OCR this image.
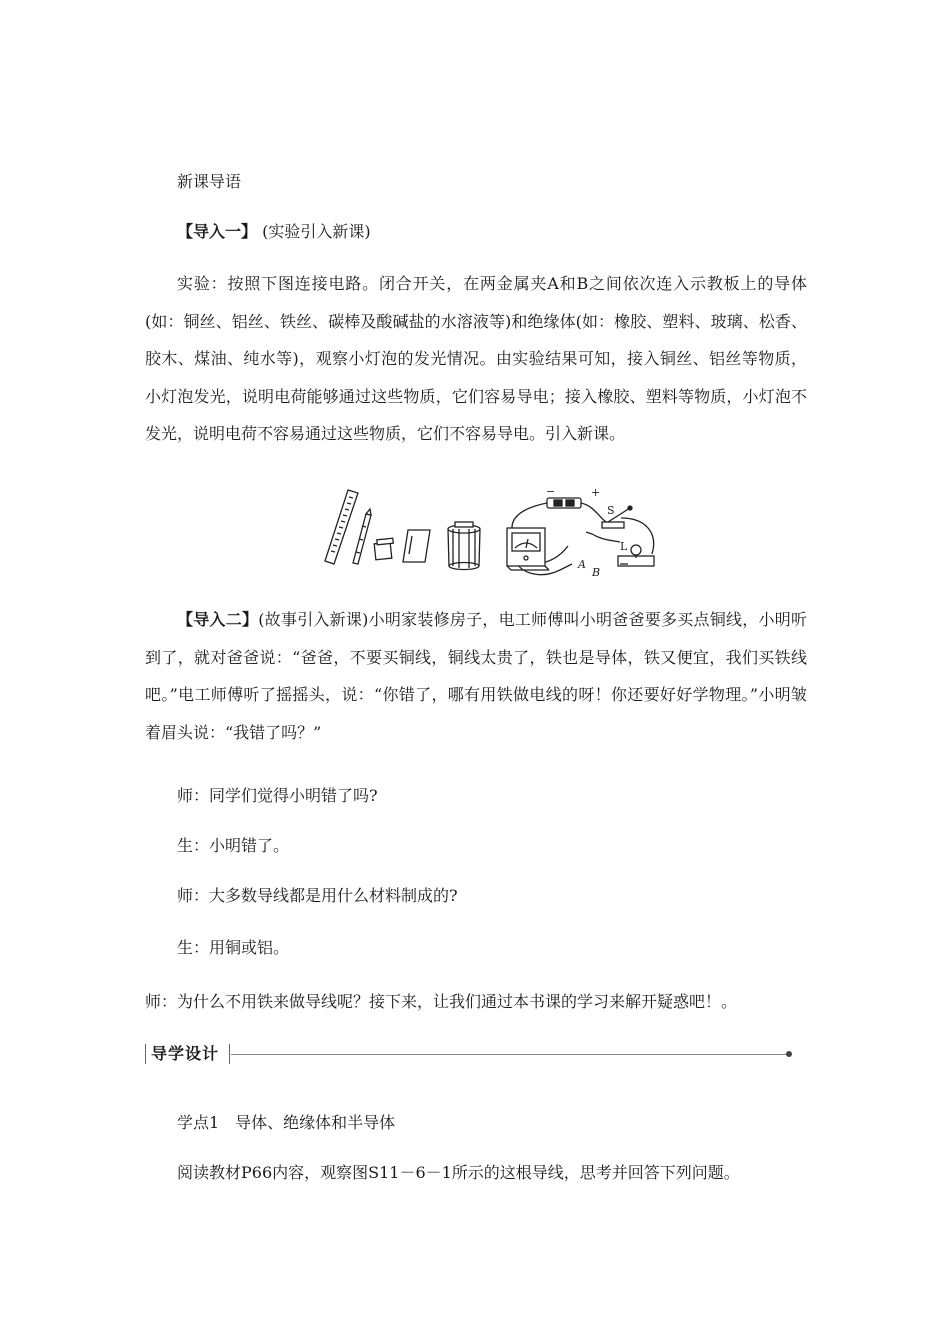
新课导语
【导入一】 (实验引入新课)

实验：按照下图连接电路。闭合开关，在两金属夹A和B之间依次连入示教板上的导体(如：铜丝、铝丝、铁丝、碳棒及酸碱盐的水溶液等)和绝缘体(如：橡胶、塑料、玻璃、松香、胶木、煤油、纯水等)，观察小灯泡的发光情况。由实验结果可知，接入铜丝、铝丝等物质，小灯泡发光，说明电荷能够通过这些物质，它们容易导电；接入橡胶、塑料等物质，小灯泡不发光，说明电荷不容易通过这些物质，它们不容易导电。引入新课。

−	+
S
L
A
B

【导入二】(故事引入新课)小明家装修房子，电工师傅叫小明爸爸要多买点铜线，小明听到了，就对爸爸说：“爸爸，不要买铜线，铜线太贵了，铁也是导体，铁又便宜，我们买铁线吧。”电工师傅听了摇摇头，说：“你错了，哪有用铁做电线的呀！你还要好好学物理。”小明皱着眉头说：“我错了吗？”

师：同学们觉得小明错了吗?
生：小明错了。
师：大多数导线都是用什么材料制成的?
生：用铜或铝。
师：为什么不用铁来做导线呢？接下来，让我们通过本书课的学习来解开疑惑吧！。
导学设计
学点1　导体、绝缘体和半导体
阅读教材P66内容，观察图S11－6－1所示的这根导线，思考并回答下列问题。
